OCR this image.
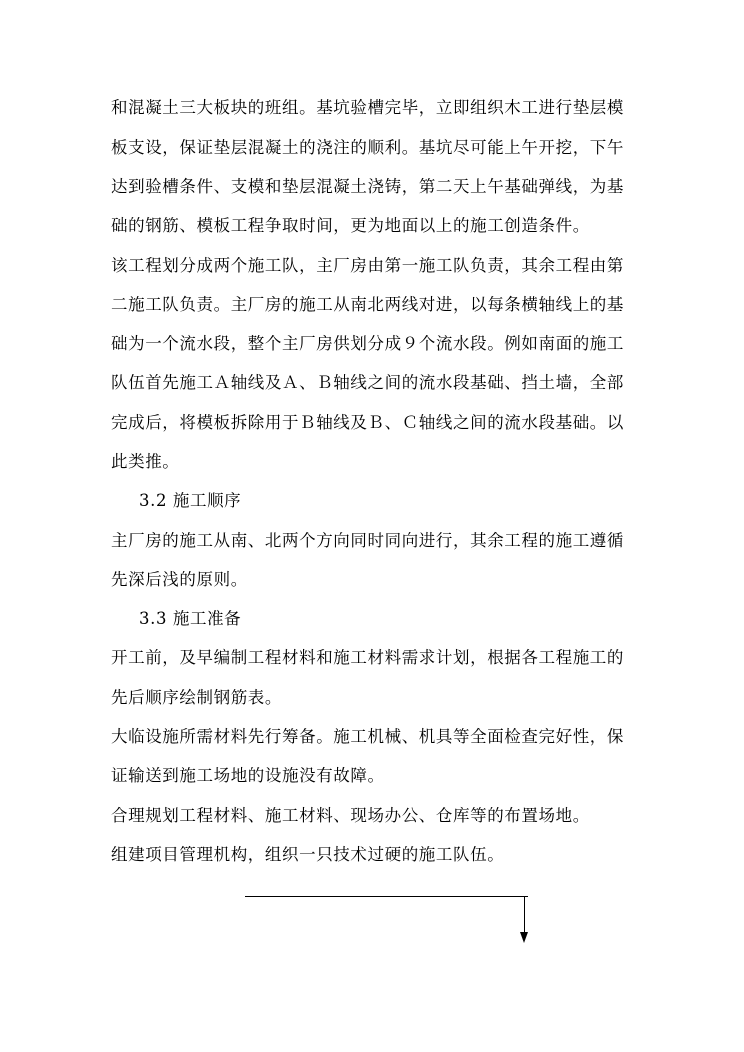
和混凝土三大板块的班组。基坑验槽完毕，立即组织木工进行垫层模
板支设，保证垫层混凝土的浇注的顺利。基坑尽可能上午开挖，下午
达到验槽条件、支模和垫层混凝土浇铸，第二天上午基础弹线，为基
础的钢筋、模板工程争取时间，更为地面以上的施工创造条件。
该工程划分成两个施工队，主厂房由第一施工队负责，其余工程由第
二施工队负责。主厂房的施工从南北两线对进，以每条横轴线上的基
础为一个流水段，整个主厂房供划分成９个流水段。例如南面的施工
队伍首先施工Ａ轴线及Ａ、Ｂ轴线之间的流水段基础、挡土墙，全部
完成后，将模板拆除用于Ｂ轴线及Ｂ、Ｃ轴线之间的流水段基础。以
此类推。
3.2 施工顺序
主厂房的施工从南、北两个方向同时同向进行，其余工程的施工遵循
先深后浅的原则。
3.3 施工准备
开工前，及早编制工程材料和施工材料需求计划，根据各工程施工的
先后顺序绘制钢筋表。
大临设施所需材料先行筹备。施工机械、机具等全面检查完好性，保
证输送到施工场地的设施没有故障。
合理规划工程材料、施工材料、现场办公、仓库等的布置场地。
组建项目管理机构，组织一只技术过硬的施工队伍。
